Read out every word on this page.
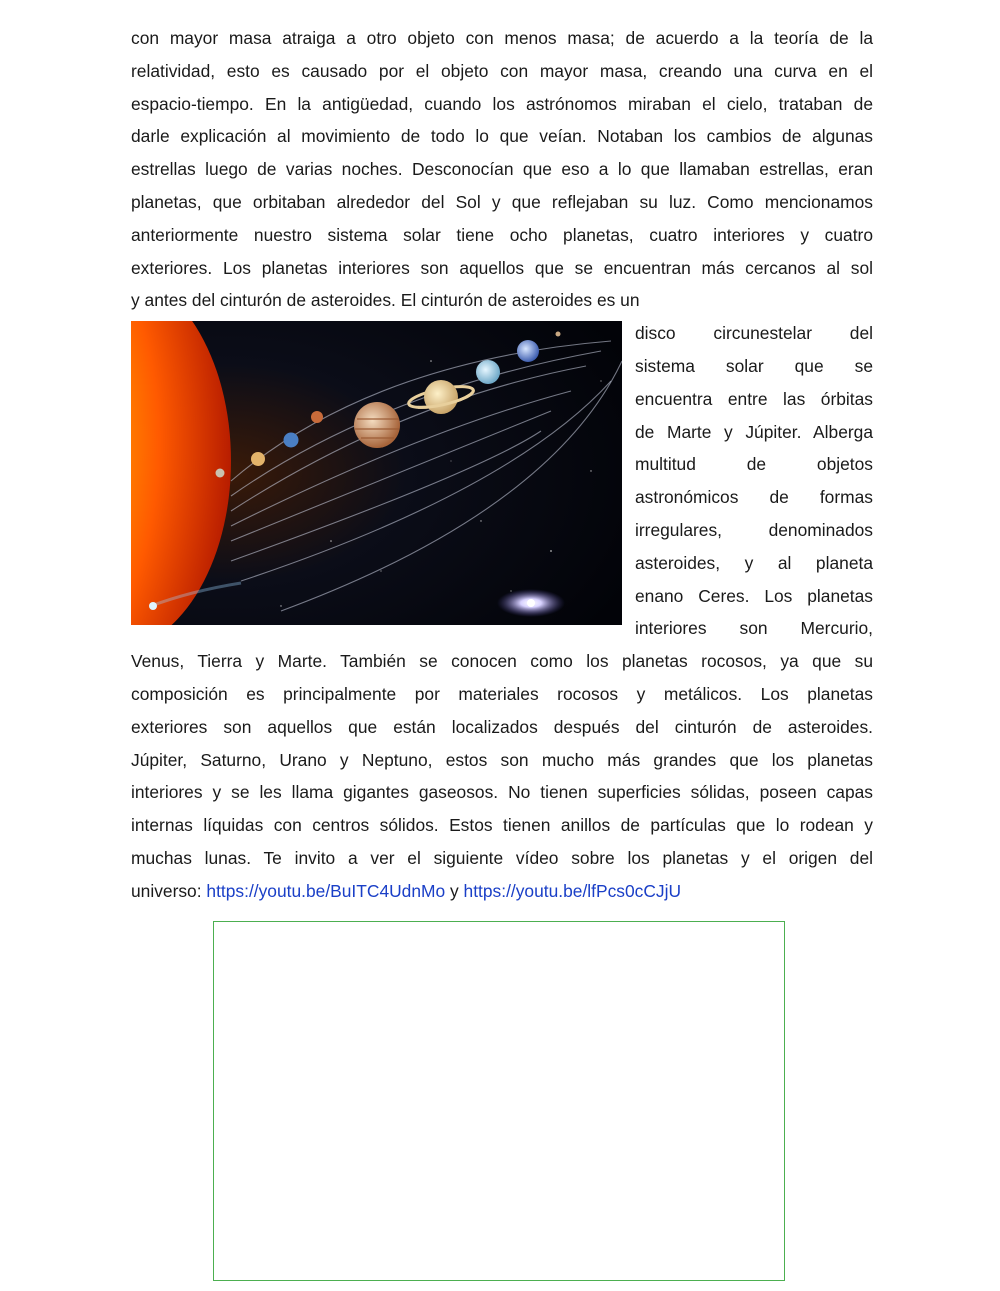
con mayor masa atraiga a otro objeto con menos masa; de acuerdo a la teoría de la
relatividad, esto es causado por el objeto con mayor masa, creando una curva en el
espacio-tiempo. En la antigüedad, cuando los astrónomos miraban el cielo, trataban de
darle explicación al movimiento de todo lo que veían. Notaban los cambios de algunas
estrellas luego de varias noches. Desconocían que eso a lo que llamaban estrellas, eran
planetas, que orbitaban alrededor del Sol y que reflejaban su luz. Como mencionamos
anteriormente nuestro sistema solar tiene ocho planetas, cuatro interiores y cuatro
exteriores. Los planetas interiores son aquellos que se encuentran más cercanos al sol
y antes del cinturón de asteroides. El cinturón de asteroides es un

disco circunestelar del
sistema solar que se
encuentra entre las órbitas
de Marte y Júpiter. Alberga
multitud de objetos
astronómicos de formas
irregulares, denominados
asteroides, y al planeta
enano Ceres. Los planetas
interiores son Mercurio,

Venus, Tierra y Marte. También se conocen como los planetas rocosos, ya que su
composición es principalmente por materiales rocosos y metálicos. Los planetas
exteriores son aquellos que están localizados después del cinturón de asteroides.
Júpiter, Saturno, Urano y Neptuno, estos son mucho más grandes que los planetas
interiores y se les llama gigantes gaseosos. No tienen superficies sólidas, poseen capas
internas líquidas con centros sólidos. Estos tienen anillos de partículas que lo rodean y
muchas lunas. Te invito a ver el siguiente vídeo sobre los planetas y el origen del
universo: https://youtu.be/BuITC4UdnMo y https://youtu.be/lfPcs0cCJjU
